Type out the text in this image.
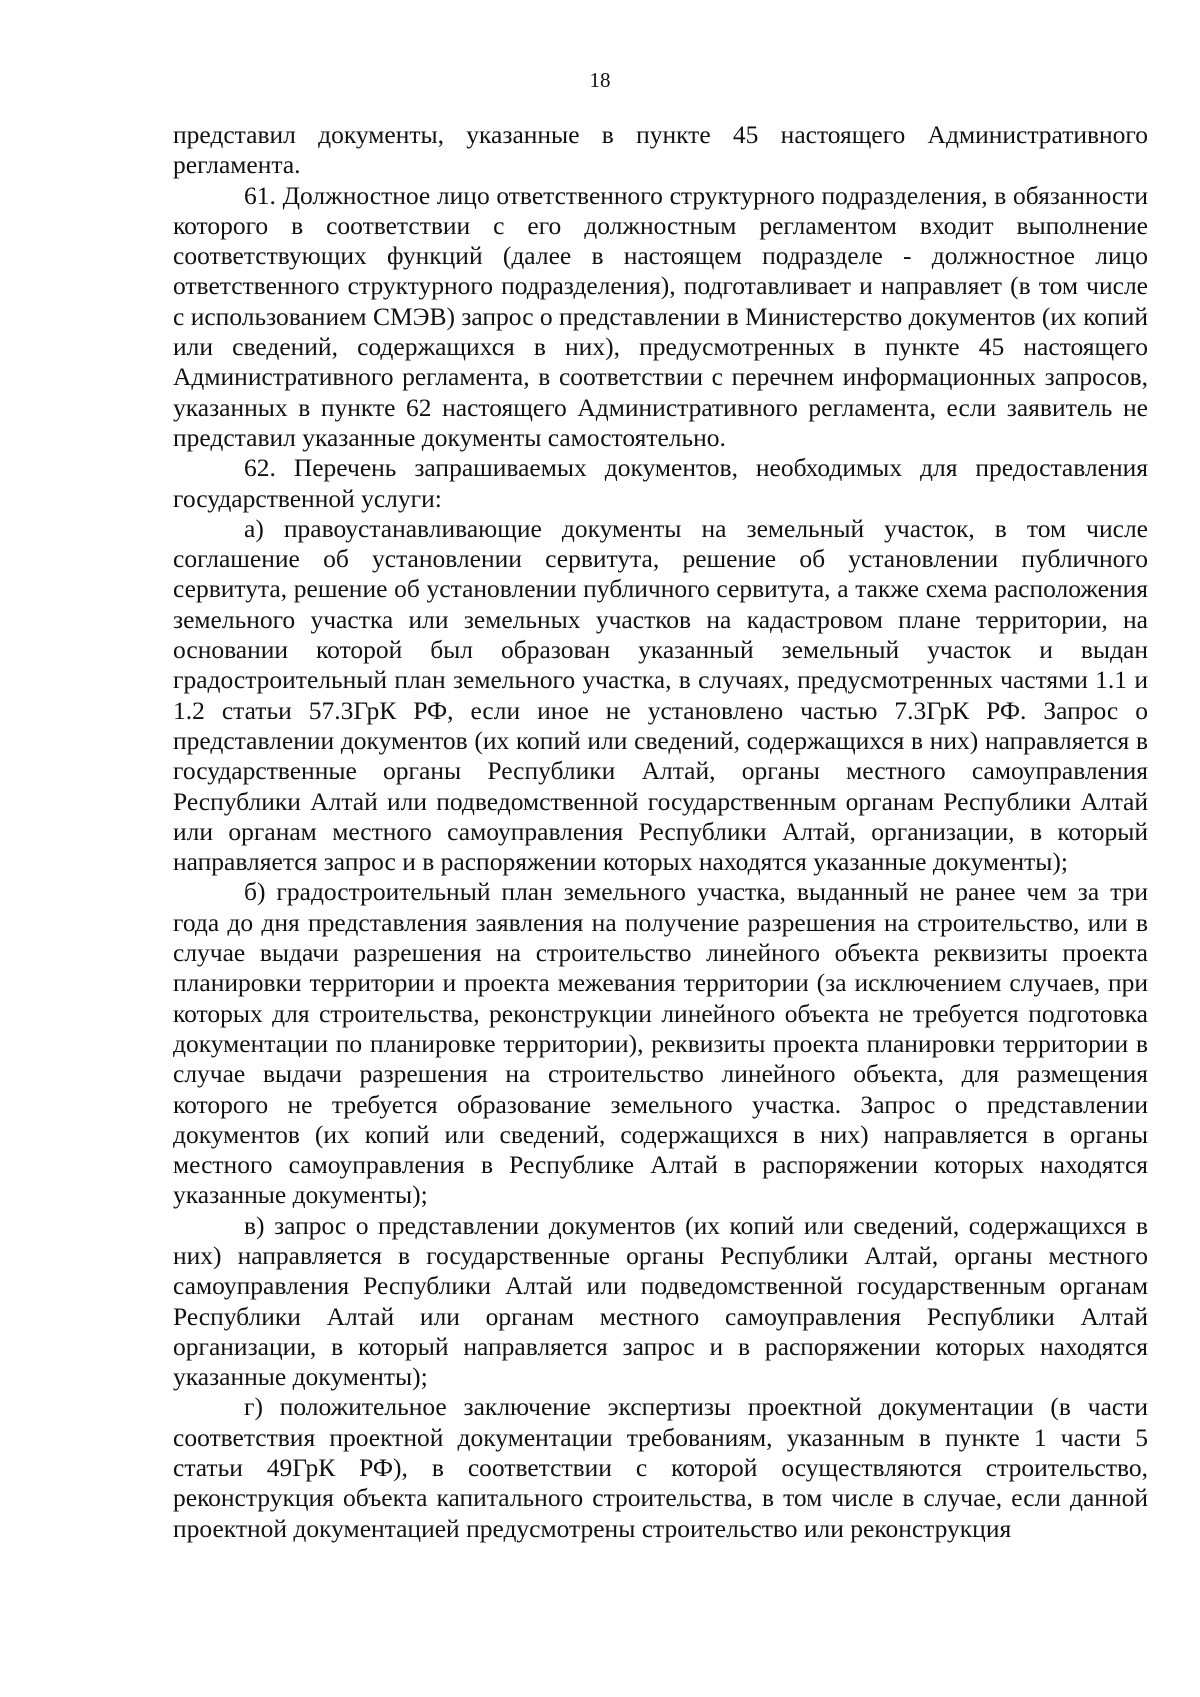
18

представил документы, указанные в пункте 45 настоящего Административного регламента.

61. Должностное лицо ответственного структурного подразделения, в обязанности которого в соответствии с его должностным регламентом входит выполнение соответствующих функций (далее в настоящем подразделе - должностное лицо ответственного структурного подразделения), подготавливает и направляет (в том числе с использованием СМЭВ) запрос о представлении в Министерство документов (их копий или сведений, содержащихся в них), предусмотренных в пункте 45 настоящего Административного регламента, в соответствии с перечнем информационных запросов, указанных в пункте 62 настоящего Административного регламента, если заявитель не представил указанные документы самостоятельно.

62. Перечень запрашиваемых документов, необходимых для предоставления государственной услуги:

а) правоустанавливающие документы на земельный участок, в том числе соглашение об установлении сервитута, решение об установлении публичного сервитута, решение об установлении публичного сервитута, а также схема расположения земельного участка или земельных участков на кадастровом плане территории, на основании которой был образован указанный земельный участок и выдан градостроительный план земельного участка, в случаях, предусмотренных частями 1.1 и 1.2 статьи 57.3ГрК РФ, если иное не установлено частью 7.3ГрК РФ. Запрос о представлении документов (их копий или сведений, содержащихся в них) направляется в государственные органы Республики Алтай, органы местного самоуправления Республики Алтай или подведомственной государственным органам Республики Алтай или органам местного самоуправления Республики Алтай, организации, в который направляется запрос и в распоряжении которых находятся указанные документы);

б) градостроительный план земельного участка, выданный не ранее чем за три года до дня представления заявления на получение разрешения на строительство, или в случае выдачи разрешения на строительство линейного объекта реквизиты проекта планировки территории и проекта межевания территории (за исключением случаев, при которых для строительства, реконструкции линейного объекта не требуется подготовка документации по планировке территории), реквизиты проекта планировки территории в случае выдачи разрешения на строительство линейного объекта, для размещения которого не требуется образование земельного участка. Запрос о представлении документов (их копий или сведений, содержащихся в них) направляется в органы местного самоуправления в Республике Алтай в распоряжении которых находятся указанные документы);

в) запрос о представлении документов (их копий или сведений, содержащихся в них) направляется в государственные органы Республики Алтай, органы местного самоуправления Республики Алтай или подведомственной государственным органам Республики Алтай или органам местного самоуправления Республики Алтай организации, в который направляется запрос и в распоряжении которых находятся указанные документы);

г) положительное заключение экспертизы проектной документации (в части соответствия проектной документации требованиям, указанным в пункте 1 части 5 статьи 49ГрК РФ), в соответствии с которой осуществляются строительство, реконструкция объекта капитального строительства, в том числе в случае, если данной проектной документацией предусмотрены строительство или реконструкция
